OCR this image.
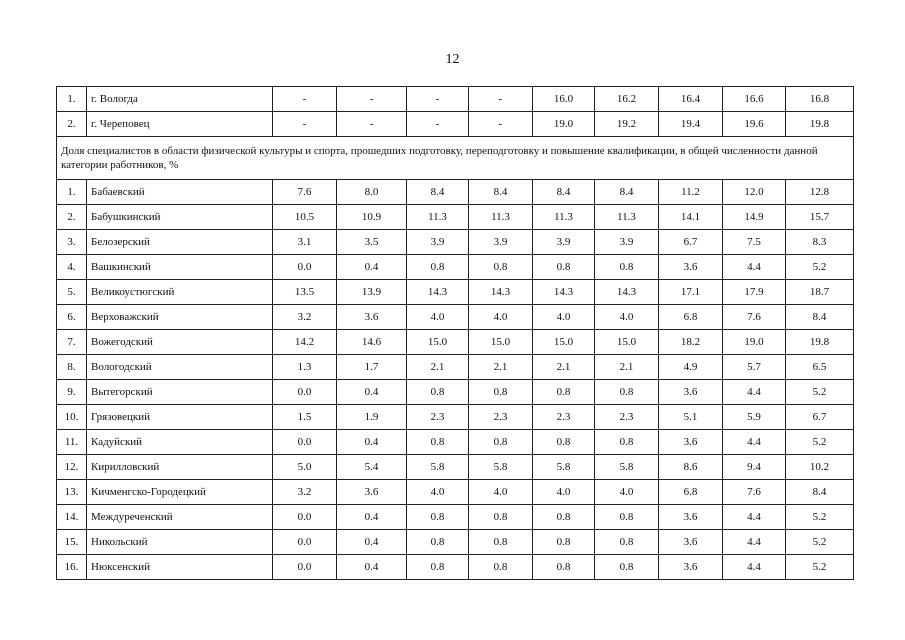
12
1.	г. Вологда	-	-	-	-	16.0	16.2	16.4	16.6	16.8
2.	г. Череповец	-	-	-	-	19.0	19.2	19.4	19.6	19.8
Доля специалистов в области физической культуры и спорта, прошедших подготовку, переподготовку и повышение квалификации, в общей численности данной категории работников, %										
1.	Бабаевский	7.6	8.0	8.4	8.4	8.4	8.4	11.2	12.0	12.8
2.	Бабушкинский	10.5	10.9	11.3	11.3	11.3	11.3	14.1	14.9	15.7
3.	Белозерский	3.1	3.5	3.9	3.9	3.9	3.9	6.7	7.5	8.3
4.	Вашкинский	0.0	0.4	0.8	0.8	0.8	0.8	3.6	4.4	5.2
5.	Великоустюгский	13.5	13.9	14.3	14.3	14.3	14.3	17.1	17.9	18.7
6.	Верховажский	3.2	3.6	4.0	4.0	4.0	4.0	6.8	7.6	8.4
7.	Вожегодский	14.2	14.6	15.0	15.0	15.0	15.0	18.2	19.0	19.8
8.	Вологодский	1.3	1.7	2.1	2.1	2.1	2.1	4.9	5.7	6.5
9.	Вытегорский	0.0	0.4	0.8	0.8	0.8	0.8	3.6	4.4	5.2
10.	Грязовецкий	1.5	1.9	2.3	2.3	2.3	2.3	5.1	5.9	6.7
11.	Кадуйский	0.0	0.4	0.8	0.8	0.8	0.8	3.6	4.4	5.2
12.	Кирилловский	5.0	5.4	5.8	5.8	5.8	5.8	8.6	9.4	10.2
13.	Кичменгско-Городецкий	3.2	3.6	4.0	4.0	4.0	4.0	6.8	7.6	8.4
14.	Междуреченский	0.0	0.4	0.8	0.8	0.8	0.8	3.6	4.4	5.2
15.	Никольский	0.0	0.4	0.8	0.8	0.8	0.8	3.6	4.4	5.2
16.	Нюксенский	0.0	0.4	0.8	0.8	0.8	0.8	3.6	4.4	5.2
